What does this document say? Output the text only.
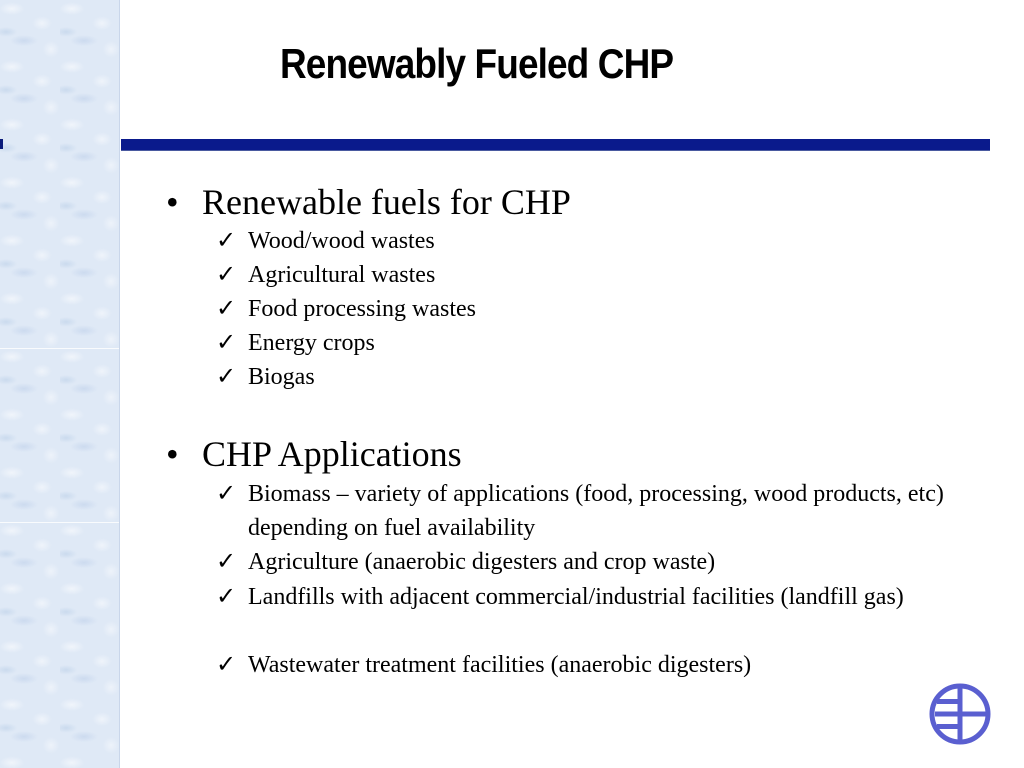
Renewably Fueled CHP
• Renewable fuels for CHP
✓ Wood/wood wastes
✓ Agricultural wastes
✓ Food processing wastes
✓ Energy crops
✓ Biogas
• CHP Applications
✓ Biomass – variety of applications (food, processing, wood products, etc) depending on fuel availability
✓ Agriculture (anaerobic digesters and crop waste)
✓ Landfills with adjacent commercial/industrial facilities (landfill gas)
✓ Wastewater treatment facilities (anaerobic digesters)
